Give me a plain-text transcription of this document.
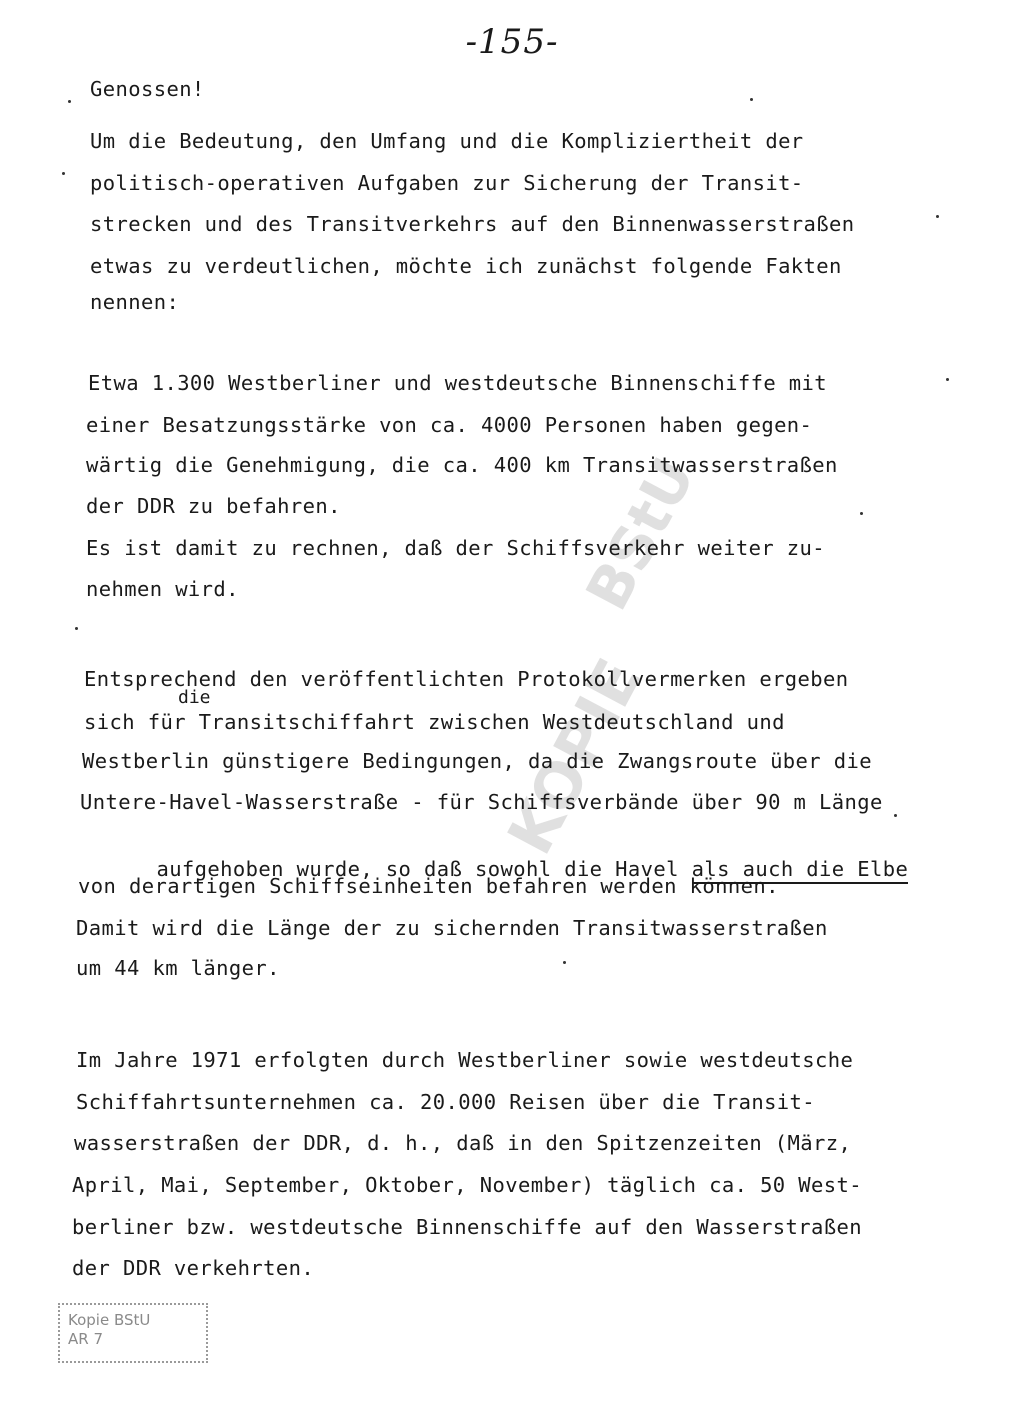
-155-
BStU
KOPIE
Genossen!
Um die Bedeutung, den Umfang und die Kompliziertheit der
politisch-operativen Aufgaben zur Sicherung der Transit-
strecken und des Transitverkehrs auf den Binnenwasserstraßen
etwas zu verdeutlichen, möchte ich zunächst folgende Fakten
nennen:
Etwa 1.300 Westberliner und westdeutsche Binnenschiffe mit
einer Besatzungsstärke von ca. 4000 Personen haben gegen-
wärtig die Genehmigung, die ca. 400 km Transitwasserstraßen
der DDR zu befahren.
Es ist damit zu rechnen, daß der Schiffsverkehr weiter zu-
nehmen wird.
Entsprechend den veröffentlichten Protokollvermerken ergeben
die
sich für Transitschiffahrt zwischen Westdeutschland und
Westberlin günstigere Bedingungen, da die Zwangsroute über die
Untere-Havel-Wasserstraße - für Schiffsverbände über 90 m Länge

aufgehoben wurde, so daß sowohl die Havel als auch die Elbe

von derartigen Schiffseinheiten befahren werden können.
Damit wird die Länge der zu sichernden Transitwasserstraßen
um 44 km länger.
Im Jahre 1971 erfolgten durch Westberliner sowie westdeutsche
Schiffahrtsunternehmen ca. 20.000 Reisen über die Transit-
wasserstraßen der DDR, d. h., daß in den Spitzenzeiten (März,
April, Mai, September, Oktober, November) täglich ca. 50 West-
berliner bzw. westdeutsche Binnenschiffe auf den Wasserstraßen
der DDR verkehrten.
Kopie BStU
AR 7
